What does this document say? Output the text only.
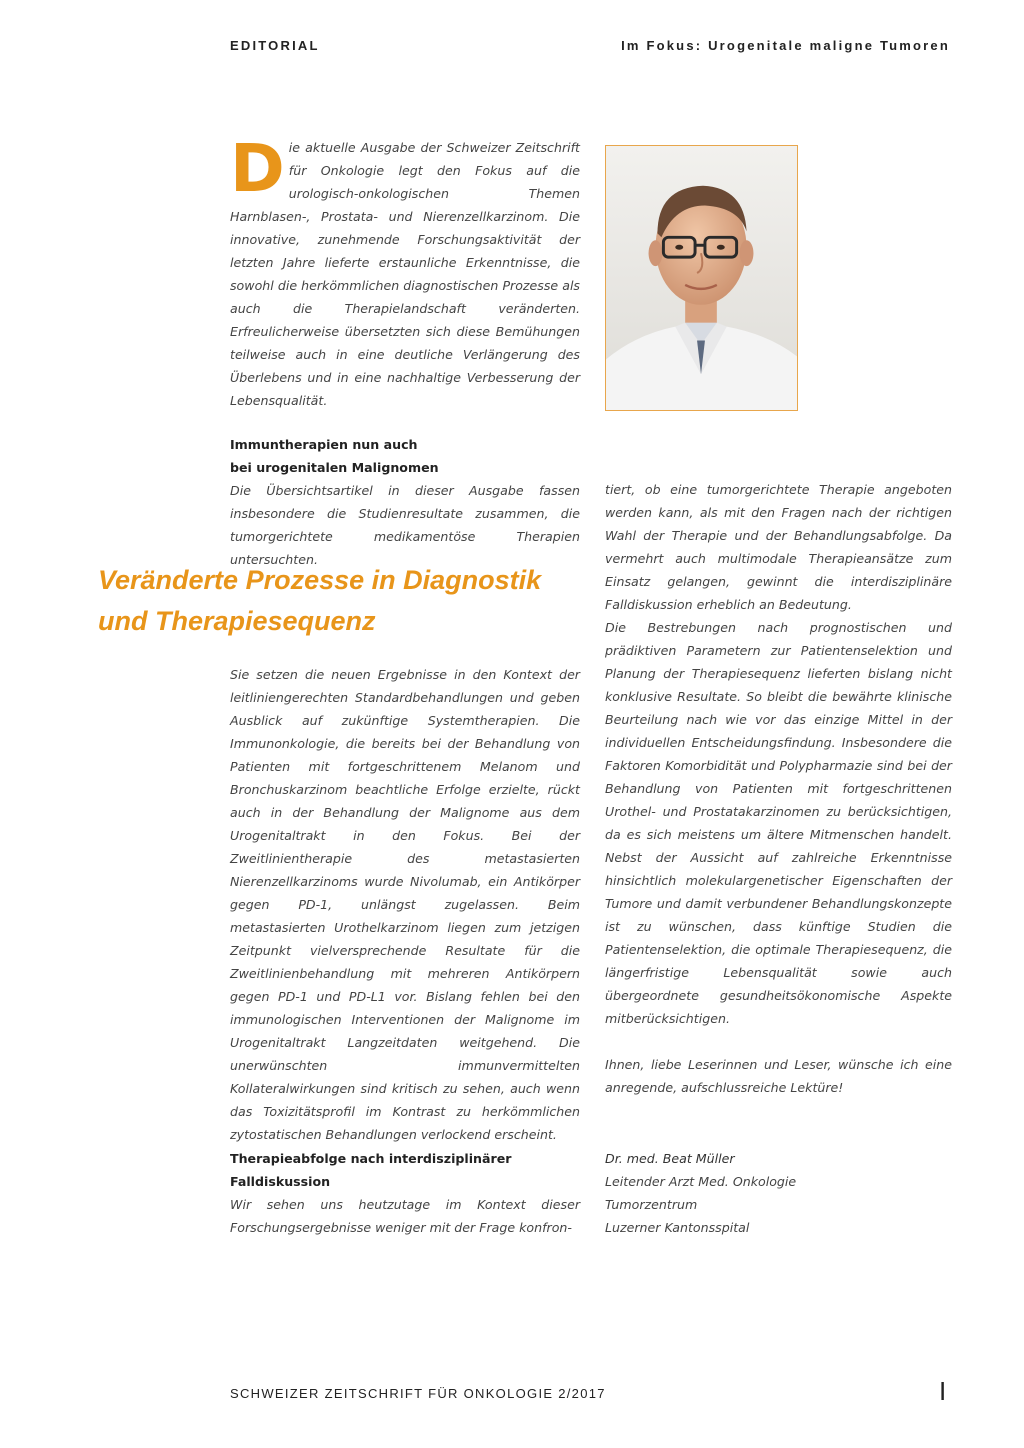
EDITORIAL	Im Fokus: Urogenitale maligne Tumoren

Die aktuelle Ausgabe der Schweizer Zeitschrift für Onkologie legt den Fokus auf die urologisch-onkologischen Themen Harnblasen-, Prostata- und Nierenzellkarzinom. Die innovative, zunehmende Forschungsaktivität der letzten Jahre lieferte erstaunliche Erkenntnisse, die sowohl die herkömmlichen diagnostischen Prozesse als auch die Therapielandschaft veränderten. Erfreulicherweise übersetzten sich diese Bemühungen teilweise auch in eine deutliche Verlängerung des Überlebens und in eine nachhaltige Verbesserung der Lebensqualität.

Immuntherapien nun auch

bei urogenitalen Malignomen

Die Übersichtsartikel in dieser Ausgabe fassen insbesondere die Studienresultate zusammen, die tumorgerichtete medikamentöse Therapien untersuchten.

Veränderte Prozesse in Diagnostik
und Therapiesequenz

Sie setzen die neuen Ergebnisse in den Kontext der leitliniengerechten Standardbehandlungen und geben Ausblick auf zukünftige Systemtherapien. Die Immunonkologie, die bereits bei der Behandlung von Patienten mit fortgeschrittenem Melanom und Bronchuskarzinom beachtliche Erfolge erzielte, rückt auch in der Behandlung der Malignome aus dem Urogenitaltrakt in den Fokus. Bei der Zweitlinientherapie des metastasierten Nierenzellkarzinoms wurde Nivolumab, ein Antikörper gegen PD-1, unlängst zugelassen. Beim metastasierten Urothelkarzinom liegen zum jetzigen Zeitpunkt vielversprechende Resultate für die Zweitlinienbehandlung mit mehreren Antikörpern gegen PD-1 und PD-L1 vor. Bislang fehlen bei den immunologischen Interventionen der Malignome im Urogenitaltrakt Langzeitdaten weitgehend. Die unerwünschten immunvermittelten Kollateralwirkungen sind kritisch zu sehen, auch wenn das Toxizitätsprofil im Kontrast zu herkömmlichen zytostatischen Behandlungen verlockend erscheint.

Therapieabfolge nach interdisziplinärer

Falldiskussion

Wir sehen uns heutzutage im Kontext dieser Forschungsergebnisse weniger mit der Frage konfron-

tiert, ob eine tumorgerichtete Therapie angeboten werden kann, als mit den Fragen nach der richtigen Wahl der Therapie und der Behandlungsabfolge. Da vermehrt auch multimodale Therapieansätze zum Einsatz gelangen, gewinnt die interdisziplinäre Falldiskussion erheblich an Bedeutung.

Die Bestrebungen nach prognostischen und prädiktiven Parametern zur Patientenselektion und Planung der Therapiesequenz lieferten bislang nicht konklusive Resultate. So bleibt die bewährte klinische Beurteilung nach wie vor das einzige Mittel in der individuellen Entscheidungsfindung. Insbesondere die Faktoren Komorbidität und Polypharmazie sind bei der Behandlung von Patienten mit fortgeschrittenen Urothel- und Prostatakarzinomen zu berücksichtigen, da es sich meistens um ältere Mitmenschen handelt. Nebst der Aussicht auf zahlreiche Erkenntnisse hinsichtlich molekulargenetischer Eigenschaften der Tumore und damit verbundener Behandlungskonzepte ist zu wünschen, dass künftige Studien die Patientenselektion, die optimale Therapiesequenz, die längerfristige Lebensqualität sowie auch übergeordnete gesundheitsökonomische Aspekte mitberücksichtigen.

Ihnen, liebe Leserinnen und Leser, wünsche ich eine anregende, aufschlussreiche Lektüre!

Dr. med. Beat Müller

Leitender Arzt Med. Onkologie

Tumorzentrum

Luzerner Kantonsspital

SCHWEIZER ZEITSCHRIFT FÜR ONKOLOGIE 2/2017	I
